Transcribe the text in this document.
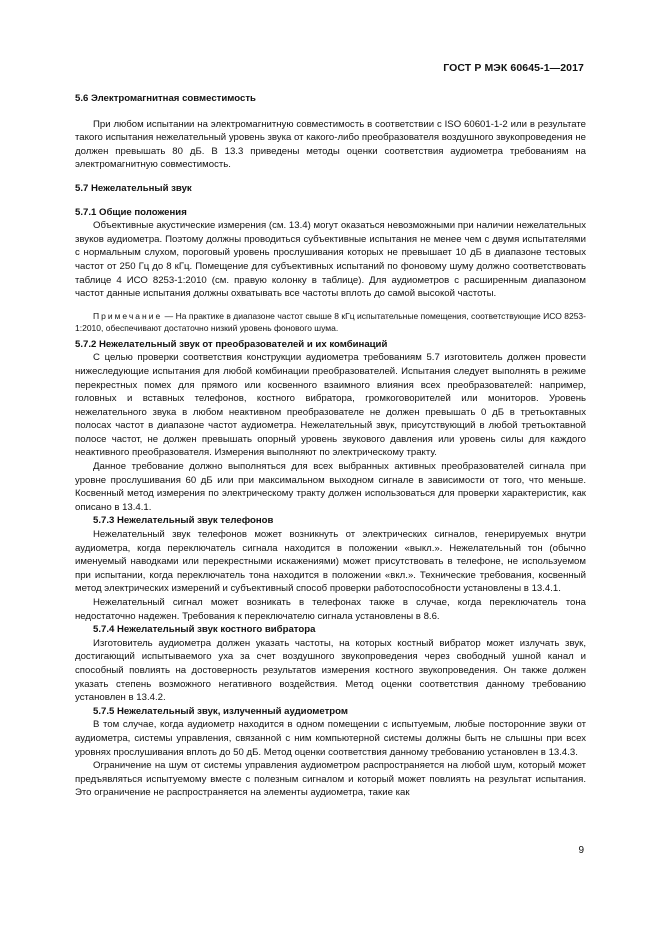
ГОСТ Р МЭК 60645-1—2017
5.6 Электромагнитная совместимость

При любом испытании на электромагнитную совместимость в соответствии с ISO 60601-1-2 или в результате такого испытания нежелательный уровень звука от какого-либо преобразователя воздушного звукопроведения не должен превышать 80 дБ. В 13.3 приведены методы оценки соответствия аудиометра требованиям на электромагнитную совместимость.

5.7 Нежелательный звук
5.7.1 Общие положения

Объективные акустические измерения (см. 13.4) могут оказаться невозможными при наличии нежелательных звуков аудиометра. Поэтому должны проводиться субъективные испытания не менее чем с двумя испытателями с нормальным слухом, пороговый уровень прослушивания которых не превышает 10 дБ в диапазоне тестовых частот от 250 Гц до 8 кГц. Помещение для субъективных испытаний по фоновому шуму должно соответствовать таблице 4 ИСО 8253-1:2010 (см. правую колонку в таблице). Для аудиометров с расширенным диапазоном частот данные испытания должны охватывать все частоты вплоть до самой высокой частоты.

Примечание — На практике в диапазоне частот свыше 8 кГц испытательные помещения, соответствующие ИСО 8253-1:2010, обеспечивают достаточно низкий уровень фонового шума.
5.7.2 Нежелательный звук от преобразователей и их комбинаций

С целью проверки соответствия конструкции аудиометра требованиям 5.7 изготовитель должен провести нижеследующие испытания для любой комбинации преобразователей. Испытания следует выполнять в режиме перекрестных помех для прямого или косвенного взаимного влияния всех преобразователей: например, головных и вставных телефонов, костного вибратора, громкоговорителей или мониторов. Уровень нежелательного звука в любом неактивном преобразователе не должен превышать 0 дБ в третьоктавных полосах частот в диапазоне частот аудиометра. Нежелательный звук, присутствующий в любой третьоктавной полосе частот, не должен превышать опорный уровень звукового давления или уровень силы для каждого неактивного преобразователя. Измерения выполняют по электрическому тракту.

Данное требование должно выполняться для всех выбранных активных преобразователей сигнала при уровне прослушивания 60 дБ или при максимальном выходном сигнале в зависимости от того, что меньше. Косвенный метод измерения по электрическому тракту должен использоваться для проверки характеристик, как описано в 13.4.1.

5.7.3 Нежелательный звук телефонов

Нежелательный звук телефонов может возникнуть от электрических сигналов, генерируемых внутри аудиометра, когда переключатель сигнала находится в положении «выкл.». Нежелательный тон (обычно именуемый наводками или перекрестными искажениями) может присутствовать в телефоне, не используемом при испытании, когда переключатель тона находится в положении «вкл.». Технические требования, косвенный метод электрических измерений и субъективный способ проверки работоспособности установлены в 13.4.1.

Нежелательный сигнал может возникать в телефонах также в случае, когда переключатель тона недостаточно надежен. Требования к переключателю сигнала установлены в 8.6.

5.7.4 Нежелательный звук костного вибратора

Изготовитель аудиометра должен указать частоты, на которых костный вибратор может излучать звук, достигающий испытываемого уха за счет воздушного звукопроведения через свободный ушной канал и способный повлиять на достоверность результатов измерения костного звукопроведения. Он также должен указать степень возможного негативного воздействия. Метод оценки соответствия данному требованию установлен в 13.4.2.

5.7.5 Нежелательный звук, излученный аудиометром

В том случае, когда аудиометр находится в одном помещении с испытуемым, любые посторонние звуки от аудиометра, системы управления, связанной с ним компьютерной системы должны быть не слышны при всех уровнях прослушивания вплоть до 50 дБ. Метод оценки соответствия данному требованию установлен в 13.4.3.

Ограничение на шум от системы управления аудиометром распространяется на любой шум, который может предъявляться испытуемому вместе с полезным сигналом и который может повлиять на результат испытания. Это ограничение не распространяется на элементы аудиометра, такие как

9
